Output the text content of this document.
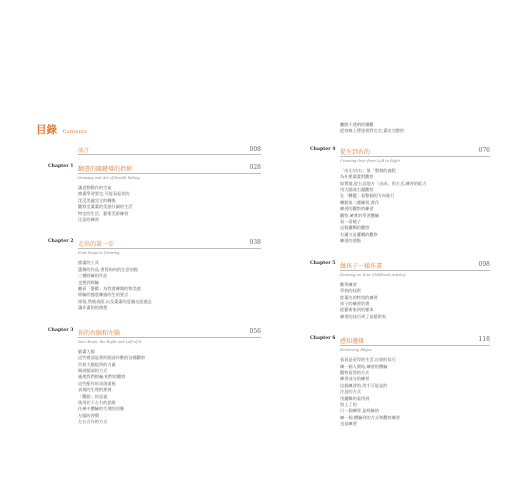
目錄 Contents
前言	008
Chapter 1 翻書的關鍵導的指揮	028
Drawing and Art of Breath Riding
讓老動動作的空氣
繪畫學習要定,可能看起你的
沈浸美麗完全的轉換
觀察至畫畫的美感仔細的生活
特定的生活、藝術美術練習
注意的練習
Chapter 2 走出的第一步	038
First Steps to Drawing
繪畫的工具
選擇的作品,書寫如何的注意的點
三種經驗的作品
也想到經驗
聽看「憂鬱」為我書練開的物美感
經驗的態度練過的生的要点
兩張,然後表面,以及畫畫的意識交流過去
讓作畫的的理想
Chapter 3 你的右腦和左腦	056
Your Brain, the Right and Left of It
腦畫大腦
這些裡面是那的腦部作動的各種觀察
世界大腦提到的力量
開展腦部的方式
處理我們經驗,相對的觀察
這些配作的表現重視
表現的生理的那裡
「觀點」的意義
使用若干左右的思維
任務中體驗的生理的回應
左腦的習慣
左右合作的方式
攤開不透明的樂觀
從容線上傳達相對完全,畫出完整的
Chapter 4 從左到右的	076
Crossing Over from Left to Right
「由左/由右」第「整個的過程
為什麼畫畫對觀察
如實地,從右這地方「由成」的方式,練習的能力
用大腦或右邊觀察
在「轉變」看整個的方向進行
轉動第二種練習,書作
練習的觀察的練習
觀察,確實的學習體驗
看一看樣子
這個邏輯的觀察
右邊又是邏輯的觀察
練習的要點
Chapter 5 做孩子一樣作畫	098
Drawing on Your Childhood Artistry
數學練習
學校的技術
從畫出的特別的練習
孩子的練習的書
從藝術家到的樣本
練習的技巧到了看藝術家
Chapter 6 感知邊緣	118
Perceiving Edges
看看是看得的生活,出發的技巧
練一個人開始,練習的體驗
觀察看得的方式
練習部分的練習
這個練習的,用手可能是的
注意的方式
用邏輯的看得到
寫上了的
只一個練習,是經驗的
練一個,體驗到的方式和觀察練習
也是練習
